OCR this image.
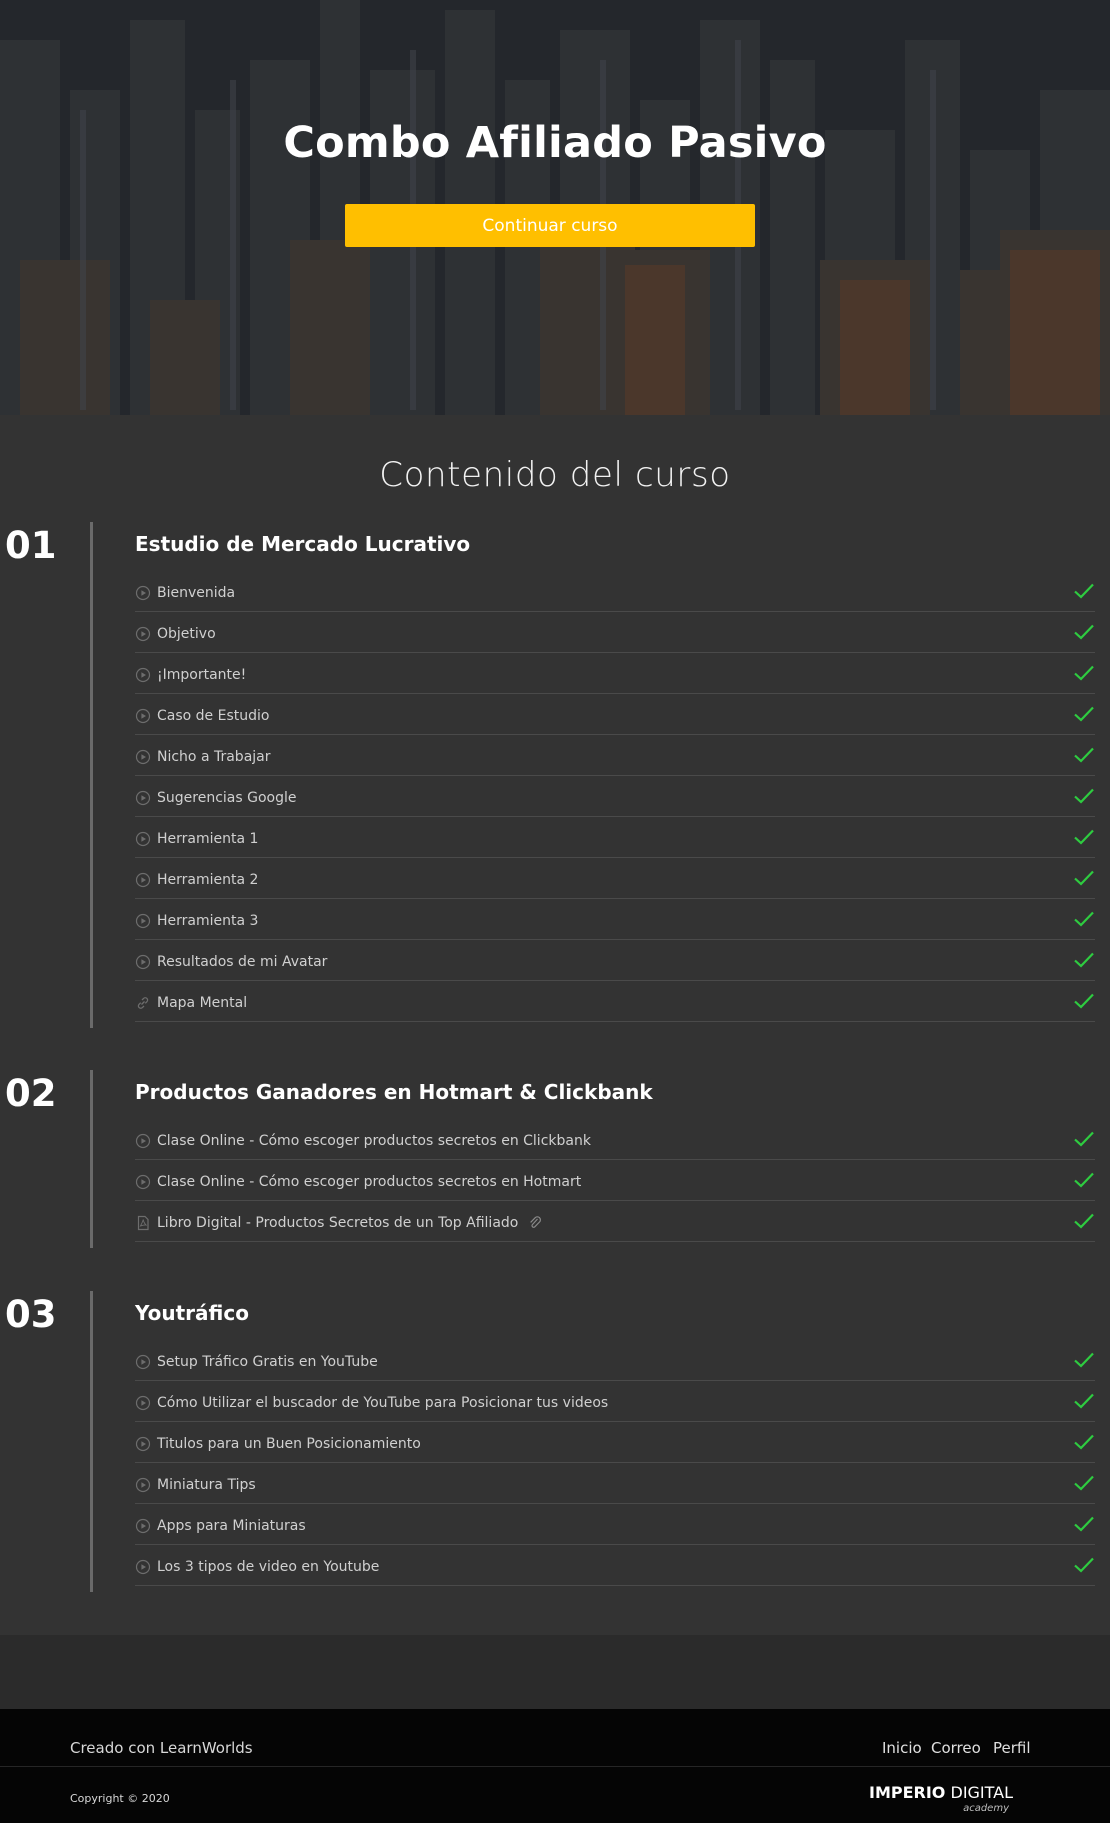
Combo Afiliado Pasivo
Continuar curso
Contenido del curso
01	Estudio de Mercado Lucrativo
Bienvenida
Objetivo
¡Importante!
Caso de Estudio
Nicho a Trabajar
Sugerencias Google
Herramienta 1
Herramienta 2
Herramienta 3
Resultados de mi Avatar
Mapa Mental
02	Productos Ganadores en Hotmart & Clickbank
Clase Online - Cómo escoger productos secretos en Clickbank
Clase Online - Cómo escoger productos secretos en Hotmart
Libro Digital - Productos Secretos de un Top Afiliado
03	Youtráfico
Setup Tráfico Gratis en YouTube
Cómo Utilizar el buscador de YouTube para Posicionar tus videos
Titulos para un Buen Posicionamiento
Miniatura Tips
Apps para Miniaturas
Los 3 tipos de video en Youtube
Creado con LearnWorlds	Inicio Correo Perfil
Copyright © 2020	IMPERIO DIGITAL
academy
